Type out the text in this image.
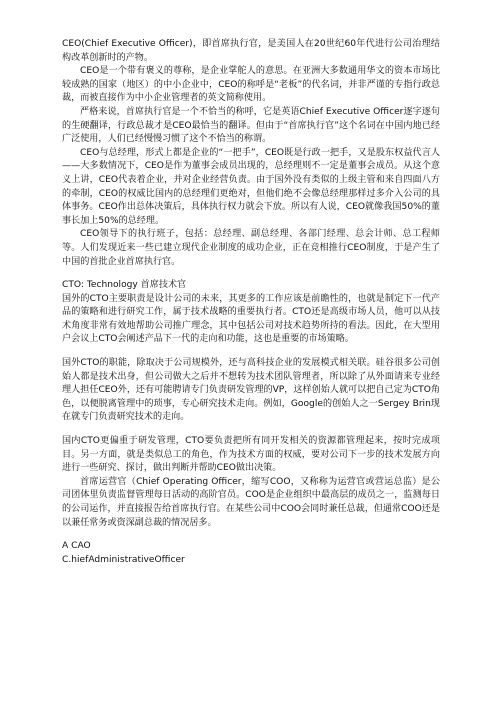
CEO(Chief Executive Officer)，即首席执行官，是美国人在20世纪60年代进行公司治理结构改革创新时的产物。

CEO是一个带有褒义的尊称，是企业掌舵人的意思。在亚洲大多数通用华文的资本市场比较成熟的国家（地区）的中小企业中，CEO的称呼是“老板”的代名词，并非严谨的专指行政总裁，而被直接作为中小企业管理者的英文简称使用。

严格来说，首席执行官是一个不恰当的称呼，它是英语Chief Executive Officer逐字逐句的生硬翻译，行政总裁才是CEO最恰当的翻译。但由于“首席执行官”这个名词在中国内地已经广泛使用，人们已经慢慢习惯了这个不恰当的称谓。

CEO与总经理，形式上都是企业的“一把手”，CEO既是行政一把手，又是股东权益代言人——大多数情况下，CEO是作为董事会成员出现的，总经理则不一定是董事会成员。从这个意义上讲，CEO代表着企业，并对企业经营负责。由于国外没有类似的上级主管和来自四面八方的牵制，CEO的权威比国内的总经理们更绝对，但他们绝不会像总经理那样过多介入公司的具体事务。CEO作出总体决策后，具体执行权力就会下放。所以有人说，CEO就像我国50%的董事长加上50%的总经理。

CEO领导下的执行班子，包括：总经理、副总经理、各部门经理、总会计师、总工程师等。人们发现近来一些已建立现代企业制度的成功企业，正在竞相推行CEO制度，于是产生了中国的首批企业首席执行官。

CTO: Technology 首席技术官

国外的CTO主要职责是设计公司的未来，其更多的工作应该是前瞻性的，也就是制定下一代产品的策略和进行研究工作，属于技术战略的重要执行者。CTO还是高级市场人员，他可以从技术角度非常有效地帮助公司推广理念，其中包括公司对技术趋势所持的看法。因此，在大型用户会议上CTO会阐述产品下一代的走向和功能，这也是重要的市场策略。

国外CTO的职能，除取决于公司规模外，还与高科技企业的发展模式相关联。硅谷很多公司创始人都是技术出身，但公司做大之后并不想转为技术团队管理者，所以除了从外面请来专业经理人担任CEO外，还有可能聘请专门负责研发管理的VP，这样创始人就可以把自己定为CTO角色，以便脱离管理中的琐事，专心研究技术走向。例如，Google的创始人之一Sergey Brin现在就专门负责研究技术的走向。

国内CTO更偏重于研发管理，CTO要负责把所有同开发相关的资源都管理起来，按时完成项目。另一方面，就是类似总工的角色，作为技术方面的权威，要对公司下一步的技术发展方向进行一些研究、探讨，做出判断并帮助CEO做出决策。

首席运营官（Chief Operating Officer，缩写COO，又称称为运营官或营运总监）是公司团体里负责监督管理每日活动的高阶官员。COO是企业组织中最高层的成员之一，监测每日的公司运作，并直接报告给首席执行官。在某些公司中COO会同时兼任总裁，但通常COO还是以兼任常务或资深副总裁的情况居多。

A CAO

C.hiefAdministrativeOfficer
